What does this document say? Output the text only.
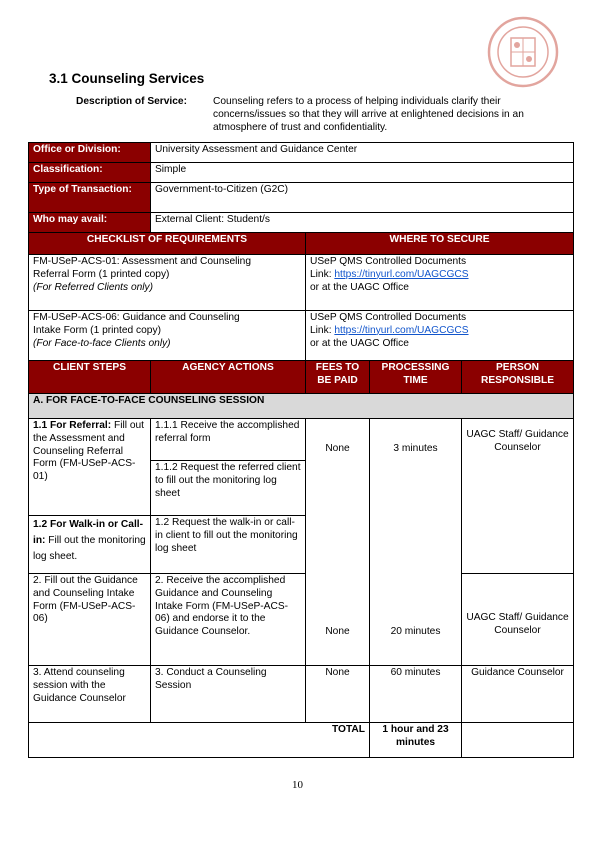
3.1 Counseling Services
Description of Service:	Counseling refers to a process of helping individuals clarify their concerns/issues so that they will arrive at enlightened decisions in an atmosphere of trust and confidentiality.
Office or Division:	University Assessment and Guidance Center			
Classification:	Simple			
Type of Transaction:	Government-to-Citizen (G2C)			
Who may avail:	External Client: Student/s			
CHECKLIST OF REQUIREMENTS		WHERE TO SECURE		
FM-USeP-ACS-01: Assessment and Counseling
Referral Form (1 printed copy)
(For Referred Clients only)		USeP QMS Controlled Documents
Link: https://tinyurl.com/UAGCGCS
or at the UAGC Office		
FM-USeP-ACS-06: Guidance and Counseling
Intake Form (1 printed copy)
(For Face-to-face Clients only)		USeP QMS Controlled Documents
Link: https://tinyurl.com/UAGCGCS
or at the UAGC Office		
CLIENT STEPS	AGENCY ACTIONS	FEES TO BE PAID	PROCESSING TIME	PERSON RESPONSIBLE
A. FOR FACE-TO-FACE COUNSELING SESSION				
1.1 For Referral: Fill out the Assessment and Counseling Referral Form (FM-USeP-ACS-01)	1.1.1 Receive the accomplished referral form	None	3 minutes	UAGC Staff/ Guidance Counselor
	1.1.2 Request the referred client to fill out the monitoring log sheet			
1.2 For Walk-in or Call-in: Fill out the monitoring log sheet.	1.2 Request the walk-in or call-in client to fill out the monitoring log sheet			
2. Fill out the Guidance and Counseling Intake Form (FM-USeP-ACS-06)	2. Receive the accomplished Guidance and Counseling Intake Form (FM-USeP-ACS-06) and endorse it to the Guidance Counselor.	None	20 minutes	UAGC Staff/ Guidance Counselor
3. Attend counseling session with the Guidance Counselor	3. Conduct a Counseling Session	None	60 minutes	Guidance Counselor
TOTAL			1 hour and 23 minutes	
10
